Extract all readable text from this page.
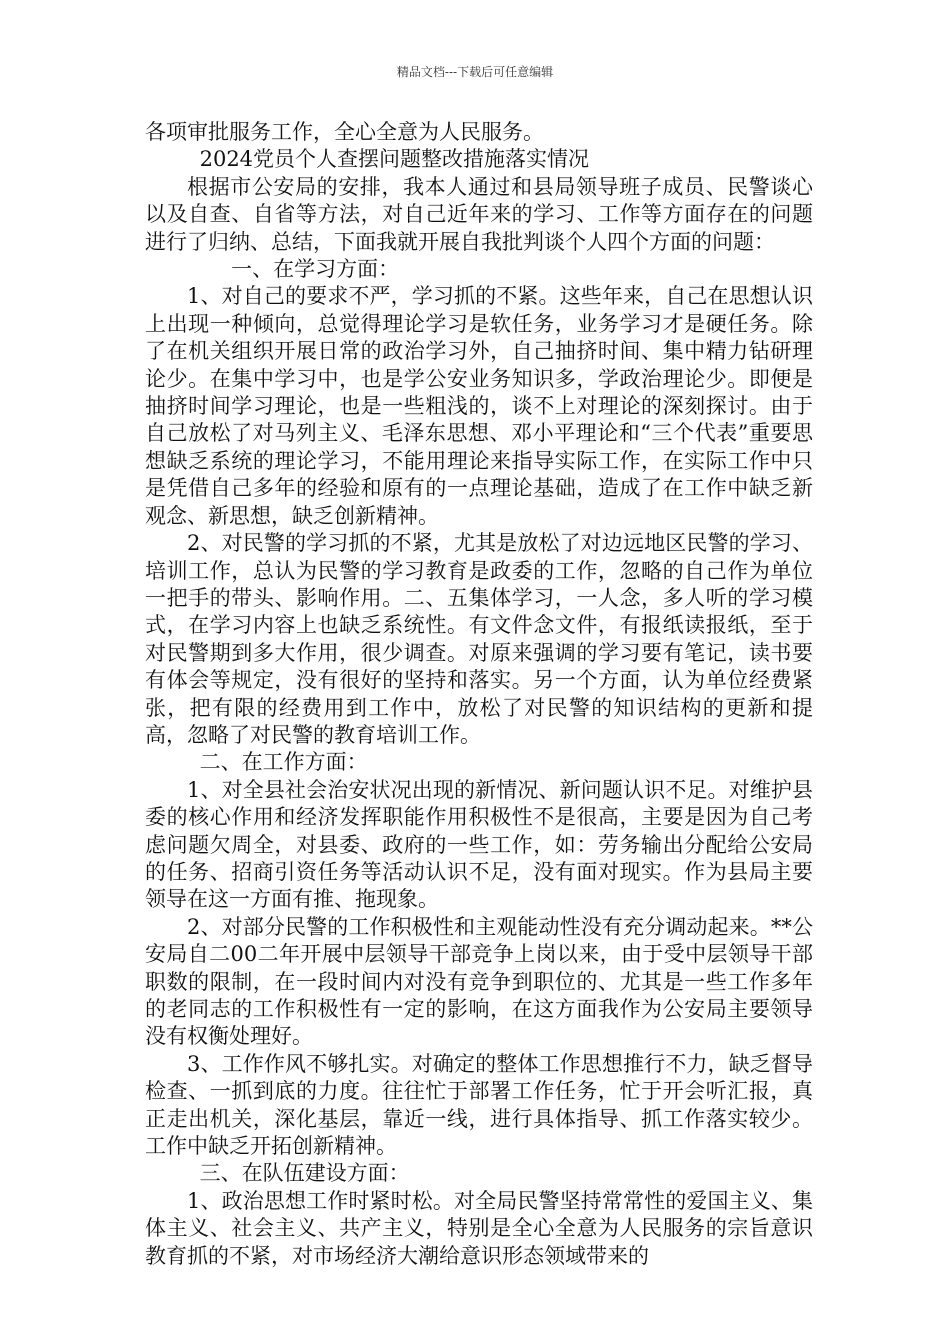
精品文档---下载后可任意编辑

各项审批服务工作，全心全意为人民服务。

2024党员个人查摆问题整改措施落实情况

根据市公安局的安排，我本人通过和县局领导班子成员、民警谈心以及自查、自省等方法，对自己近年来的学习、工作等方面存在的问题进行了归纳、总结，下面我就开展自我批判谈个人四个方面的问题：

一、在学习方面：

1、对自己的要求不严，学习抓的不紧。这些年来，自己在思想认识上出现一种倾向，总觉得理论学习是软任务，业务学习才是硬任务。除了在机关组织开展日常的政治学习外，自己抽挤时间、集中精力钻研理论少。在集中学习中，也是学公安业务知识多，学政治理论少。即便是抽挤时间学习理论，也是一些粗浅的，谈不上对理论的深刻探讨。由于自己放松了对马列主义、毛泽东思想、邓小平理论和“三个代表”重要思想缺乏系统的理论学习，不能用理论来指导实际工作，在实际工作中只是凭借自己多年的经验和原有的一点理论基础，造成了在工作中缺乏新观念、新思想，缺乏创新精神。

2、对民警的学习抓的不紧，尤其是放松了对边远地区民警的学习、培训工作，总认为民警的学习教育是政委的工作，忽略的自己作为单位一把手的带头、影响作用。二、五集体学习，一人念，多人听的学习模式，在学习内容上也缺乏系统性。有文件念文件，有报纸读报纸，至于对民警期到多大作用，很少调查。对原来强调的学习要有笔记，读书要有体会等规定，没有很好的坚持和落实。另一个方面，认为单位经费紧张，把有限的经费用到工作中，放松了对民警的知识结构的更新和提高，忽略了对民警的教育培训工作。

二、在工作方面：

1、对全县社会治安状况出现的新情况、新问题认识不足。对维护县委的核心作用和经济发挥职能作用积极性不是很高，主要是因为自己考虑问题欠周全，对县委、政府的一些工作，如：劳务输出分配给公安局的任务、招商引资任务等活动认识不足，没有面对现实。作为县局主要领导在这一方面有推、拖现象。

2、对部分民警的工作积极性和主观能动性没有充分调动起来。**公安局自二00二年开展中层领导干部竞争上岗以来，由于受中层领导干部职数的限制，在一段时间内对没有竞争到职位的、尤其是一些工作多年的老同志的工作积极性有一定的影响，在这方面我作为公安局主要领导没有权衡处理好。

3、工作作风不够扎实。对确定的整体工作思想推行不力，缺乏督导检查、一抓到底的力度。往往忙于部署工作任务，忙于开会听汇报，真正走出机关，深化基层，靠近一线，进行具体指导、抓工作落实较少。工作中缺乏开拓创新精神。

三、在队伍建设方面：

1、政治思想工作时紧时松。对全局民警坚持常常性的爱国主义、集体主义、社会主义、共产主义，特别是全心全意为人民服务的宗旨意识教育抓的不紧，对市场经济大潮给意识形态领域带来的
